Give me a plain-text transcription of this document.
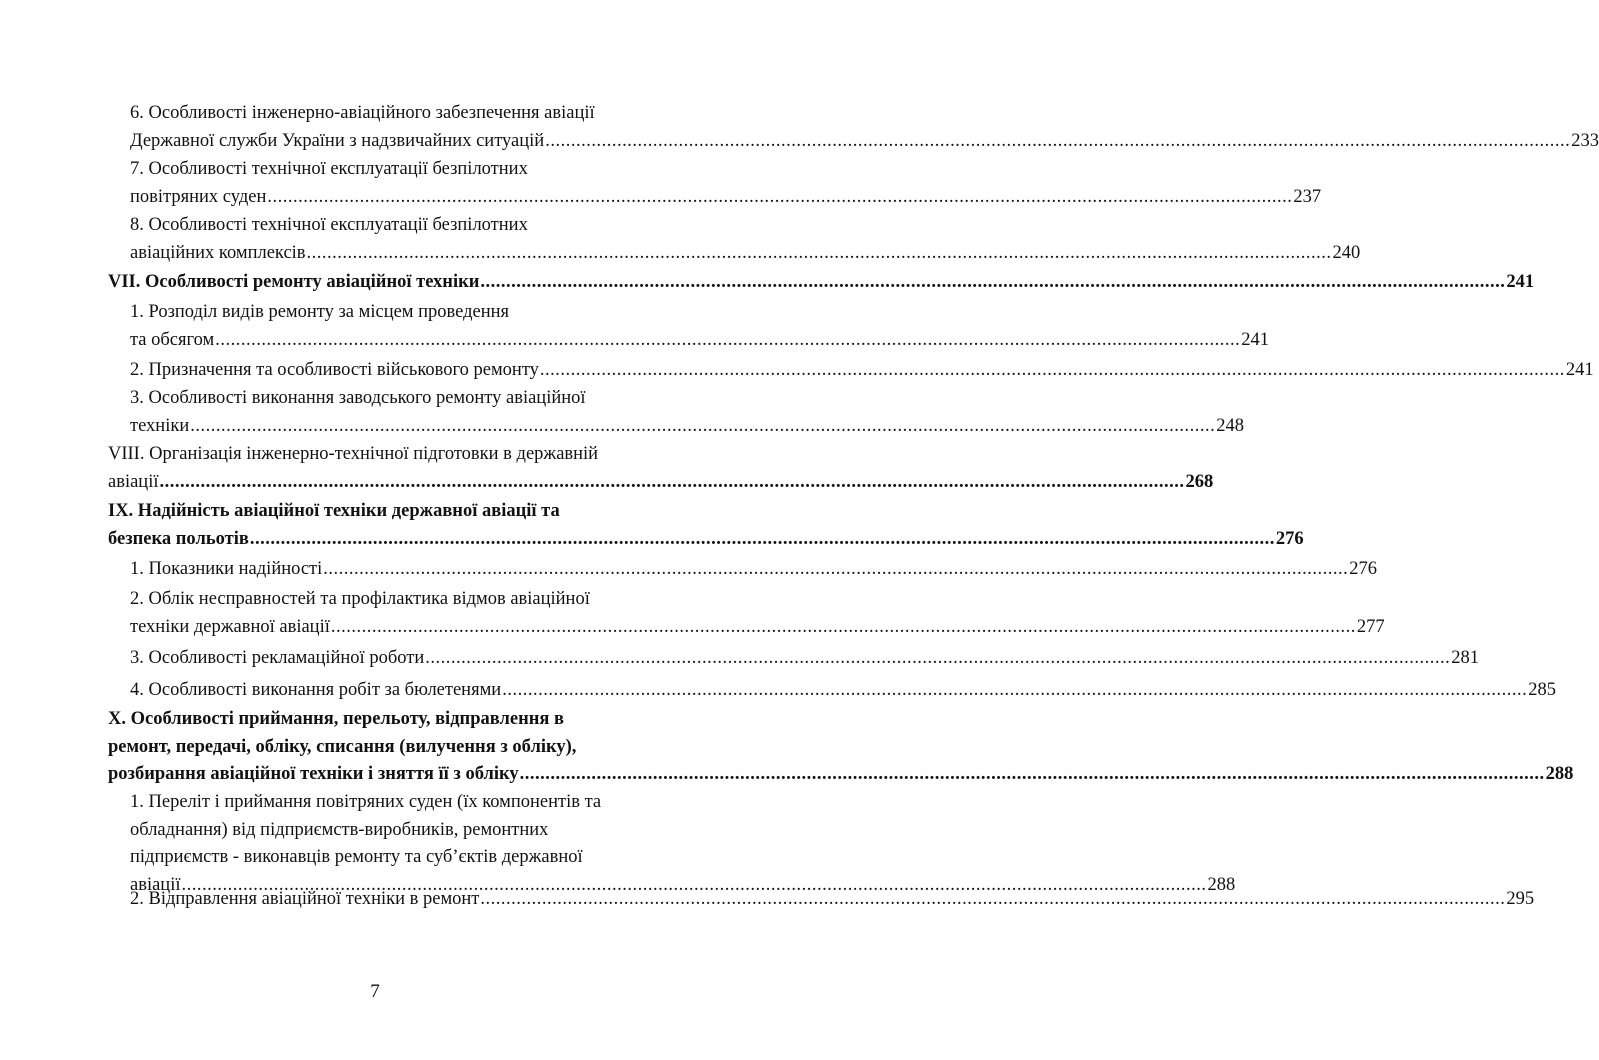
6. Особливості інженерно-авіаційного забезпечення авіації
Державної служби України з надзвичайних ситуацій ........................................................................................................................................................................................................ 233
7. Особливості технічної експлуатації безпілотних
повітряних суден ........................................................................................................................................................................................................ 237
8. Особливості технічної експлуатації безпілотних
авіаційних комплексів ........................................................................................................................................................................................................ 240
VII. Особливості ремонту авіаційної техніки ........................................................................................................................................................................................................ 241
1. Розподіл видів ремонту за місцем проведення
та обсягом ........................................................................................................................................................................................................ 241
2. Призначення та особливості військового ремонту ........................................................................................................................................................................................................ 241
3. Особливості виконання заводського ремонту авіаційної
техніки ........................................................................................................................................................................................................ 248
VIII. Організація інженерно-технічної підготовки в державній
авіації ........................................................................................................................................................................................................ 268
IX. Надійність авіаційної техніки державної авіації та
безпека польотів ........................................................................................................................................................................................................ 276
1. Показники надійності ........................................................................................................................................................................................................ 276
2. Облік несправностей та профілактика відмов авіаційної
техніки державної авіації ........................................................................................................................................................................................................ 277
3. Особливості рекламаційної роботи ........................................................................................................................................................................................................ 281
4. Особливості виконання робіт за бюлетенями ........................................................................................................................................................................................................ 285
X. Особливості приймання, перельоту, відправлення в
ремонт, передачі, обліку, списання (вилучення з обліку),
розбирання авіаційної техніки і зняття її з обліку ........................................................................................................................................................................................................ 288
1. Переліт і приймання повітряних суден (їх компонентів та
обладнання) від підприємств-виробників, ремонтних
підприємств - виконавців ремонту та суб’єктів державної
авіації ........................................................................................................................................................................................................ 288
2. Відправлення авіаційної техніки в ремонт ........................................................................................................................................................................................................ 295
7
